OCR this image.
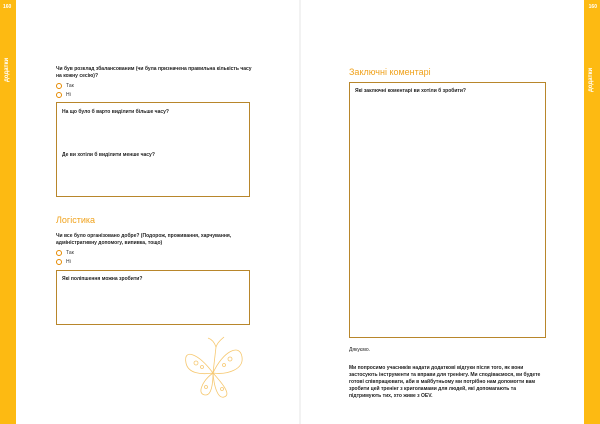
160
додатки	Чи був розклад збалансованим (чи була призначена правильна кількість часу на кожну сесію)?
Так
Ні
На що було б варто виділити більше часу?
Де ви хотіли б виділити менше часу?
Логістика
Чи все було організовано добре? (Подорож, проживання, харчування, адміністративну допомогу, випивка, тощо)
Так
Ні
Які поліпшення можна зробити?
160
додатки
Заключні коментарі
Які заключні коментарі ви хотіли б зробити?
Дякуємо.
Ми попросимо учасників надати додаткові відгуки після того, як вони застосують інструменти та вправи для тренінгу. Ми сподіваємося, ви будете готові співпрацювати, аби в майбутньому ми потрібно нам допомогти вам зробити цей тренінг з криголамами для людей, які допомагають та підтримують тих, хто живе з ОЕV.
